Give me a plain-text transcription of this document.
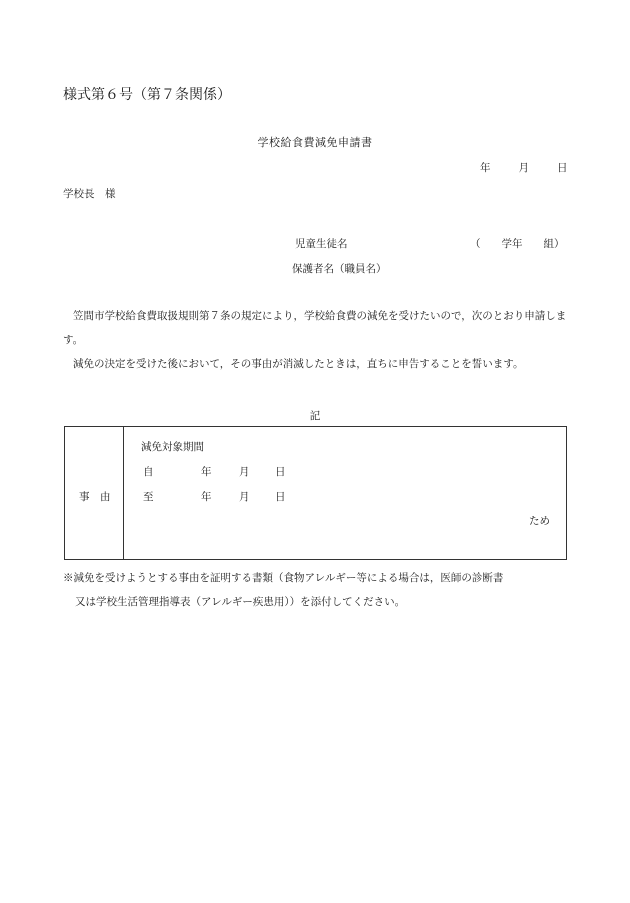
様式第６号（第７条関係）
学校給食費減免申請書
年	月	日
学校長　様
児童生徒名	（　　学年　　組）
保護者名（職員名）
笠間市学校給食費取扱規則第７条の規定により，学校給食費の減免を受けたいので，次のとおり申請します。
減免の決定を受けた後において，その事由が消滅したときは，直ちに申告することを誓います。
記
事　由
減免対象期間
自	年	月 日
至	年	月 日
ため
※減免を受けようとする事由を証明する書類（食物アレルギー等による場合は，医師の診断書
又は学校生活管理指導表（アレルギー疾患用））を添付してください。
